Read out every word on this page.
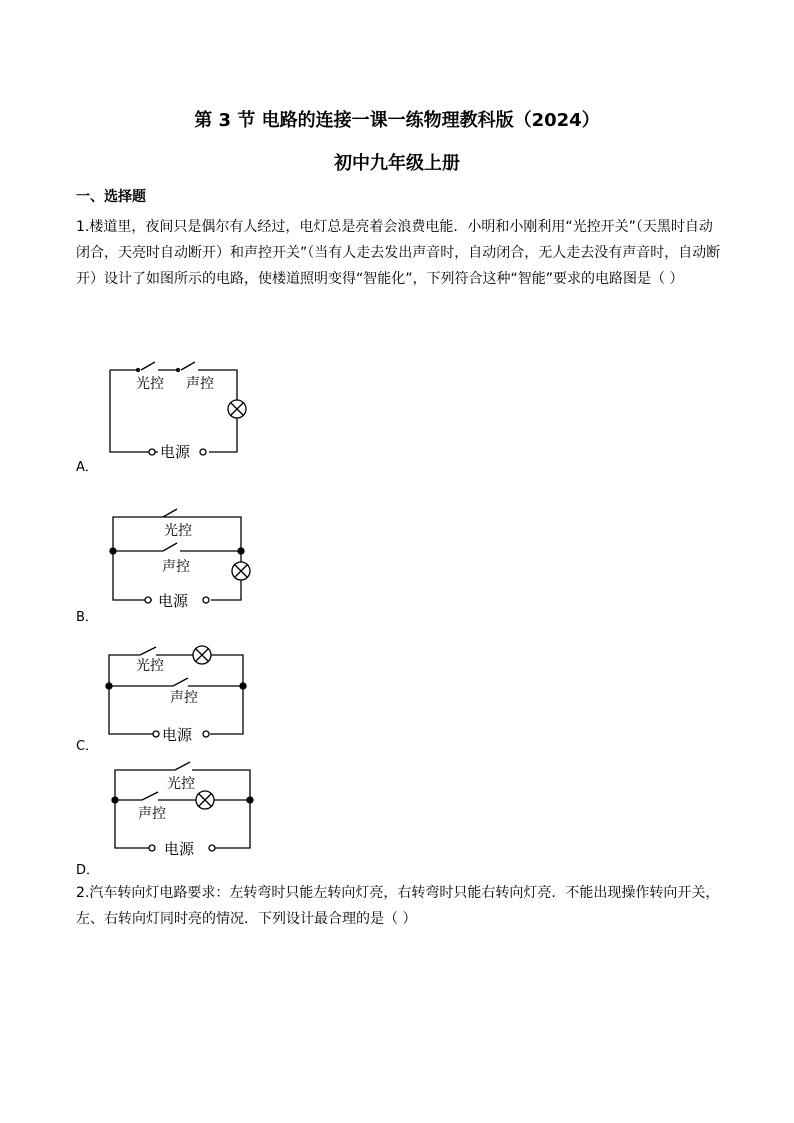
第 3 节 电路的连接一课一练物理教科版（2024）
初中九年级上册
一、选择题
1.楼道里，夜间只是偶尔有人经过，电灯总是亮着会浪费电能．小明和小刚利用“光控开关”（天黑时自动闭合，天亮时自动断开）和声控开关”（当有人走去发出声音时，自动闭合，无人走去没有声音时，自动断开）设计了如图所示的电路，使楼道照明变得“智能化”，下列符合这种“智能”要求的电路图是（ ）
光控 声控
电源
A．
光控
声控
电源
B．
光控
声控
电源
C．
光控
声控
电源
D．
2.汽车转向灯电路要求：左转弯时只能左转向灯亮，右转弯时只能右转向灯亮．不能出现操作转向开关，左、右转向灯同时亮的情况．下列设计最合理的是（ ）
